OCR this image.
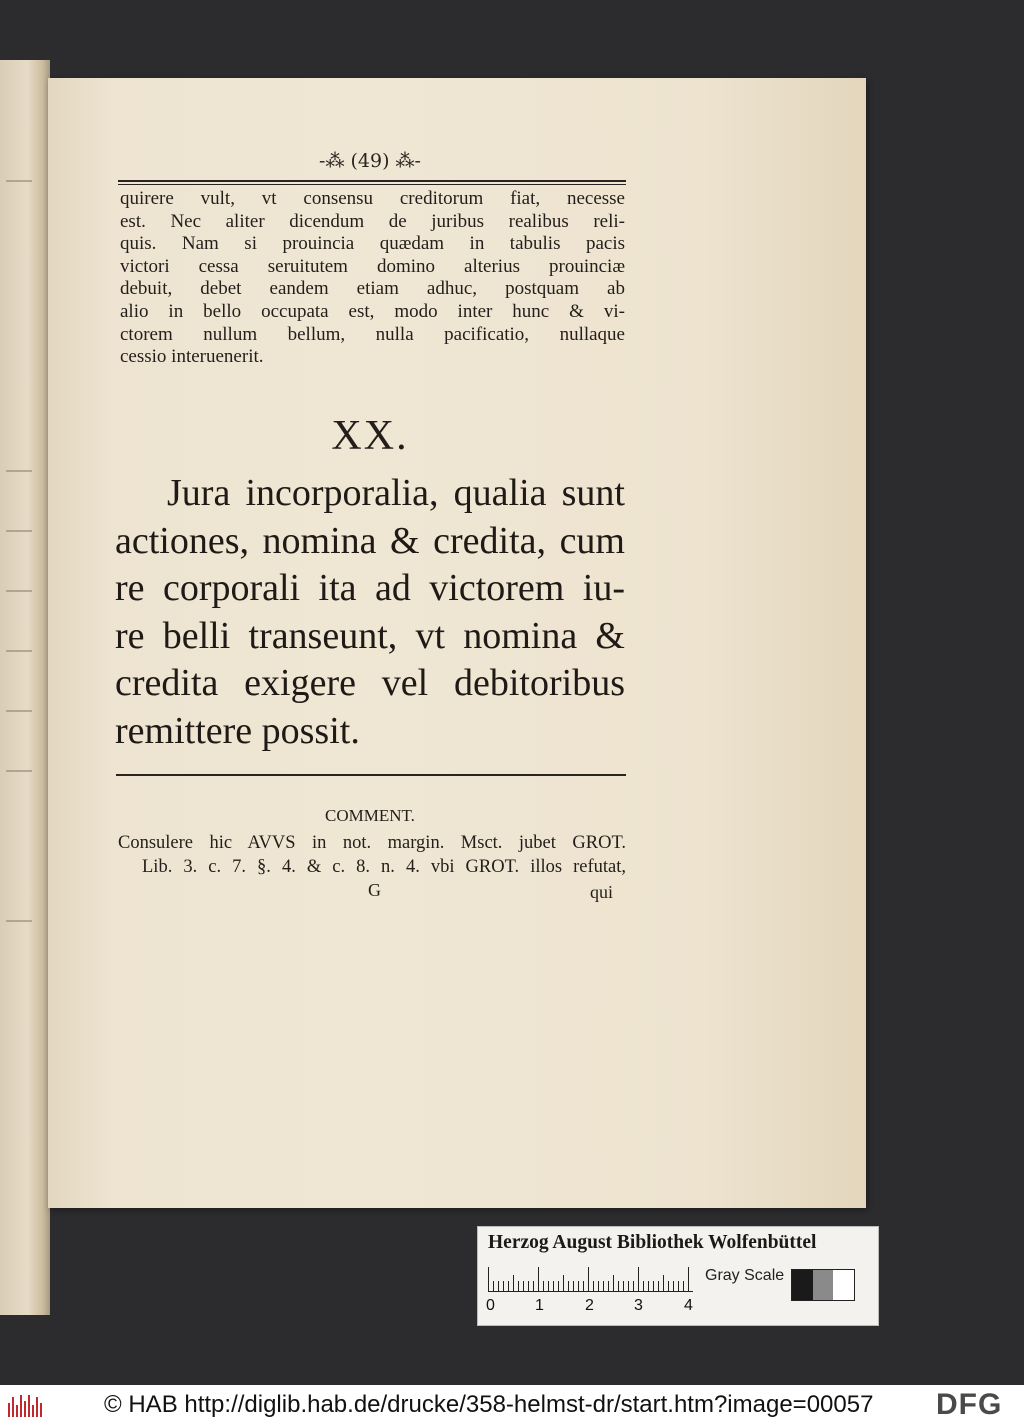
-⁂ (49) ⁂-
quirere vult, vt consensu creditorum fiat, necesse
est. Nec aliter dicendum de juribus realibus reli-
quis. Nam si prouincia quædam in tabulis pacis
victori cessa seruitutem domino alterius prouinciæ
debuit, debet eandem etiam adhuc, postquam ab
alio in bello occupata est, modo inter hunc & vi-
ctorem nullum bellum, nulla pacificatio, nullaque
cessio interuenerit.
XX.
Jura incorporalia, qualia sunt
actiones, nomina & credita, cum
re corporali ita ad victorem iu-
re belli transeunt, vt nomina &
credita exigere vel debitoribus
remittere possit.
COMMENT.
Consulere hic AVVS in not. margin. Msct. jubet GROT.
Lib. 3. c. 7. §. 4. & c. 8. n. 4. vbi GROT. illos refutat,
G	qui
Herzog August Bibliothek Wolfenbüttel
0	1	2	3	4
Gray Scale
© HAB http://diglib.hab.de/drucke/358-helmst-dr/start.htm?image=00057 DFG
